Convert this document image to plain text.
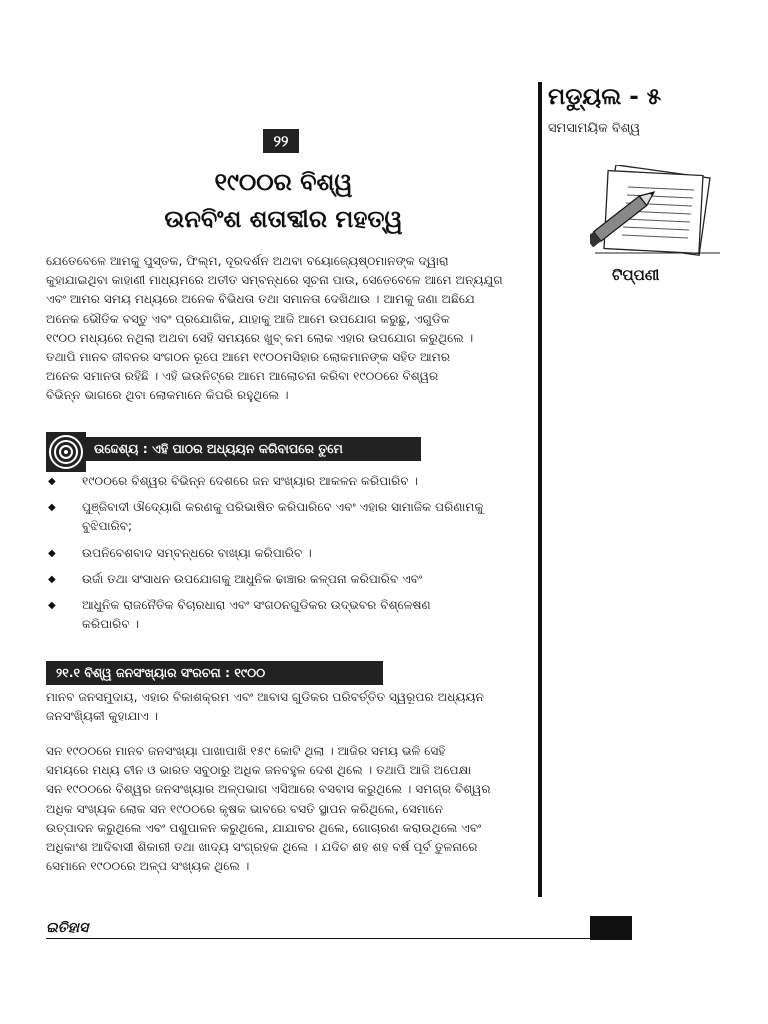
ମଡ୍ୟୁଲ - ୫
ସମସାମୟିକ ବିଶ୍ୱ
ଟିପ୍ପଣୀ
୨୨
୧୯୦୦ର ବିଶ୍ୱ
ଉନବିଂଶ ଶତାବ୍ଦୀର ମହତ୍ୱ
ଯେତେବେଳେ ଆମକୁ ପୁସ୍ତକ, ଫିଲ୍ମ, ଦୂରଦର୍ଶନ ଅଥବା ବୟୋଜ୍ୟେଷ୍ଠମାନଙ୍କ ଦ୍ୱାରା
କୁହାଯାଇଥିବା କାହାଣୀ ମାଧ୍ୟମରେ ଅତୀତ ସମ୍ବନ୍ଧରେ ସୂଚନା ପାଉ, ସେତେବେଳେ ଆମେ ଅନ୍ୟଯୁଗ
ଏବଂ ଆମର ସମୟ ମଧ୍ୟରେ ଅନେକ ବିଭିଧତା ତଥା ସମାନତା ଦେଖିଥାଉ । ଆମକୁ ଜଣା ଅଛିଯେ
ଅନେକ ଭୌତିକ ବସ୍ତୁ ଏବଂ ପ୍ରଯୋଗିକ, ଯାହାକୁ ଆଜି ଆମେ ଉପଯୋଗ କରୁଛୁ, ଏଗୁଡିକ
୧୯୦୦ ମଧ୍ୟରେ ନଥିଲା ଅଥବା ସେହି ସମୟରେ ଖୁବ୍ କମ ଲୋକ ଏହାର ଉପଯୋଗ କରୁଥିଲେ ।
ତଥାପି ମାନବ ଜୀବନର ସଂଗଠନ ରୂପେ ଆମେ ୧୯୦୦ମସିହାର ଲୋକମାନଙ୍କ ସହିତ ଆମର
ଅନେକ ସମାନତା ରହିଛି । ଏହି ଇଉନିଟ୍‌ରେ ଆମେ ଆଲୋଚନା କରିବା ୧୯୦୦ରେ ବିଶ୍ୱର
ବିଭିନ୍ନ ଭାଗରେ ଥିବା ଲୋକମାନେ କିପରି ରହୁଥିଲେ ।
ଉଦ୍ଦେଶ୍ୟ : ଏହି ପାଠର ଅଧ୍ୟୟନ କରିବାପରେ ତୁମେ
◆ ୧୯୦୦ରେ ବିଶ୍ୱର ବିଭିନ୍ନ ଦେଶରେ ଜନ ସଂଖ୍ୟାର ଆକଳନ କରିପାରିବ ।
◆ ପୁଞ୍ଜିବାଦୀ ଔଦ୍ୟୋଗି କରଣକୁ ପରିଭାଷିତ କରିପାରିବେ ଏବଂ ଏହାର ସାମାଜିକ ପରିଣାମକୁ
ବୁଝିପାରିବ;
◆ ଉପନିବେଶବାଦ ସମ୍ବନ୍ଧରେ ବାଖ୍ୟା କରିପାରିବ ।
◆ ଉର୍ଜା ତଥା ସଂସାଧନ ଉପଯୋଗକୁ ଆଧୁନିକ ଢାଞ୍ଚାର କଳ୍ପନା କରିପାରିବ ଏବଂ
◆ ଆଧୁନିକ ରାଜନୈତିକ ବିଚାରଧାରା ଏବଂ ସଂଗଠନଗୁଡିକର ଉଦ୍ଭବର ବିଶ୍ଳେଷଣ
କରିପାରିବ ।
୨୧.୧ ବିଶ୍ୱ ଜନସଂଖ୍ୟାର ସଂରଚନା : ୧୯୦୦
ମାନବ ଜନସମୁଦାୟ, ଏହାର ବିକାଶକ୍ରମ ଏବଂ ଆବାସ ଗୁଡିକର ପରିବର୍ତ୍ତିତ ସ୍ୱରୂପର ଅଧ୍ୟୟନ
ଜନସଂଖ୍ୟିକୀ କୁହାଯାଏ ।
ସନ ୧୯୦୦ରେ ମାନବ ଜନସଂଖ୍ୟା ପାଖାପାଖି ୧୫୯ କୋଟି ଥିଲା । ଆଜିର ସମୟ ଭଳି ସେହି
ସମୟରେ ମଧ୍ୟ ଚୀନ ଓ ଭାରତ ସବୁଠାରୁ ଅଧିକ ଜନବହୁଳ ଦେଶ ଥିଲେ । ତଥାପି ଆଜି ଅପେକ୍ଷା
ସନ ୧୯୦୦ରେ ବିଶ୍ୱର ଜନସଂଖ୍ୟାର ଅଳ୍ପଭାଗ ଏସିଆରେ ବସବାସ କରୁଥିଲେ । ସମଗ୍ର ବିଶ୍ୱର
ଅଧିକ ସଂଖ୍ୟକ ଲୋକ ସନ ୧୯୦୦ରେ କୃଷକ ଭାବରେ ବସତି ସ୍ଥାପନ କରିଥିଲେ, ସେମାନେ
ଉତ୍ପାଦନ କରୁଥିଲେ ଏବଂ ପଶୁପାଳନ କରୁଥିଲେ, ଯାଯାବର ଥିଲେ, ଗୋଚାରଣ କରାଉଥିଲେ ଏବଂ
ଅଧିକାଂଶ ଆଦିବାସୀ ଶିକାରୀ ତଥା ଖାଦ୍ୟ ସଂଗ୍ରହକ ଥିଲେ । ଯଦିଚ ଶହ ଶହ ବର୍ଷ ପୂର୍ବ ତୁଳନାରେ
ସେମାନେ ୧୯୦୦ରେ ଅଳ୍ପ ସଂଖ୍ୟକ ଥିଲେ ।
ଇତିହାସ
